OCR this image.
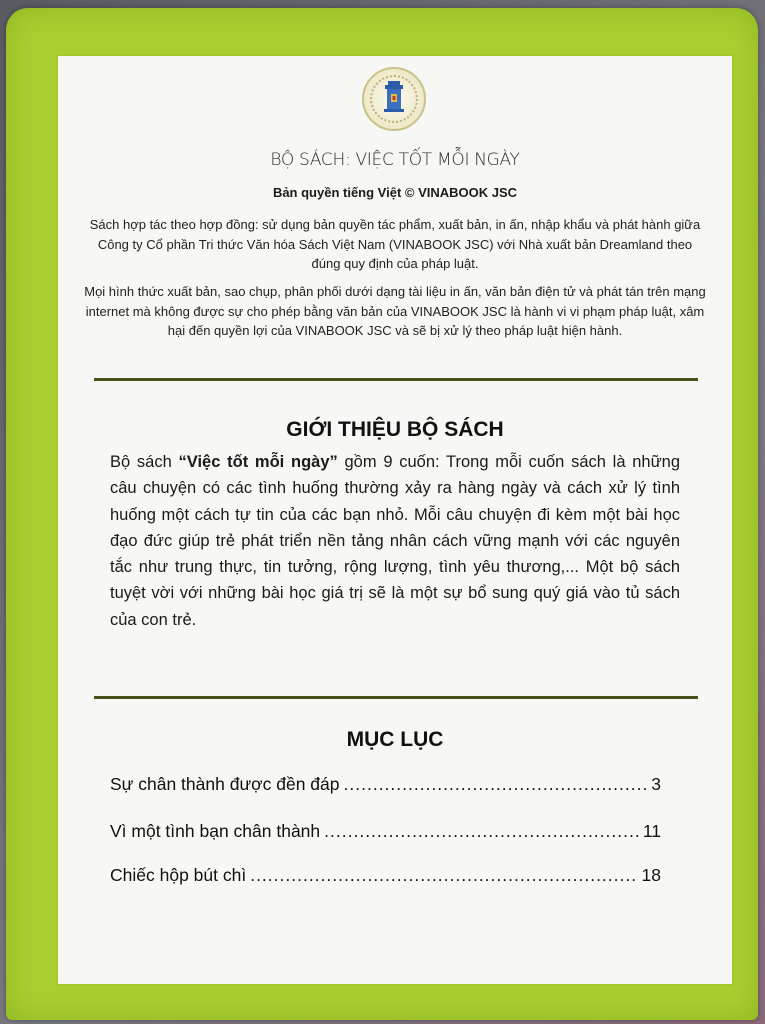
BỘ SÁCH: VIỆC TỐT MỖI NGÀY
Bản quyền tiếng Việt © VINABOOK JSC
Sách hợp tác theo hợp đồng: sử dụng bản quyền tác phẩm, xuất bản, in ấn, nhập khẩu và phát hành giữa Công ty Cổ phần Tri thức Văn hóa Sách Việt Nam (VINABOOK JSC) với Nhà xuất bản Dreamland theo đúng quy định của pháp luật.
Mọi hình thức xuất bản, sao chụp, phân phối dưới dạng tài liệu in ấn, văn bản điện tử và phát tán trên mạng internet mà không được sự cho phép bằng văn bản của VINABOOK JSC là hành vi vi phạm pháp luật, xâm hại đến quyền lợi của VINABOOK JSC và sẽ bị xử lý theo pháp luật hiện hành.
GIỚI THIỆU BỘ SÁCH
Bộ sách “Việc tốt mỗi ngày” gồm 9 cuốn: Trong mỗi cuốn sách là những câu chuyện có các tình huống thường xảy ra hàng ngày và cách xử lý tình huống một cách tự tin của các bạn nhỏ. Mỗi câu chuyện đi kèm một bài học đạo đức giúp trẻ phát triển nền tảng nhân cách vững mạnh với các nguyên tắc như trung thực, tin tưởng, rộng lượng, tình yêu thương,... Một bộ sách tuyệt vời với những bài học giá trị sẽ là một sự bổ sung quý giá vào tủ sách của con trẻ.
MỤC LỤC
Sự chân thành được đền đáp .....	3
Vì một tình bạn chân thành .....	11
Chiếc hộp bút chì .....	18
